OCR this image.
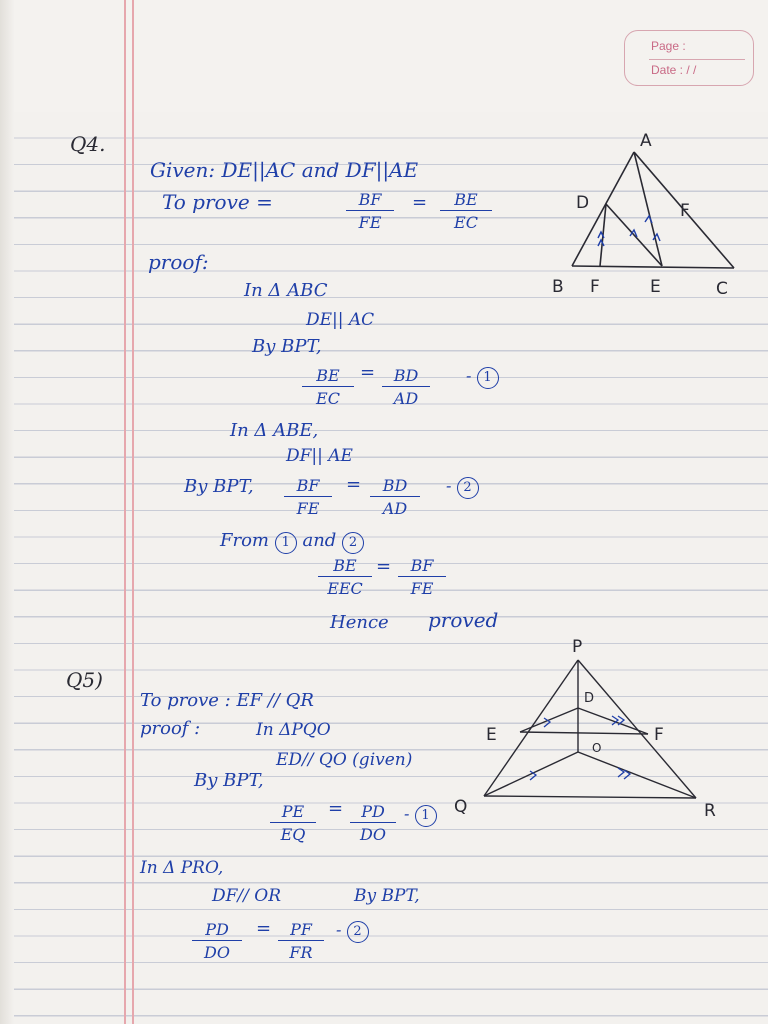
Page :
Date : / /
Q4.
Given: DE||AC and DF||AE
To prove =	$\frac{BF}{FE} = \frac{BE}{EC}$
proof:
In Δ ABC
DE|| AC
By BPT,
$\frac{BE}{EC} = \frac{BD}{AD} - 1$
In Δ ABE,
DF|| AE
By BPT, $\frac{BF}{FE} = \frac{BD}{AD} - 2$
From 1 and 2
BE
EEC
= $\frac{BF}{FE}$
Hence proved
Q5)
To prove : EF // QR
proof :	In ΔPQO
ED// QO (given)
By BPT,
$\frac{PE}{EQ} = \frac{PD}{DO} - 1$
In Δ PRO,
DF// OR	By BPT,
$\frac{PD}{DO} = \frac{PF}{FR} - 2$
A
D	F
B F	E	C
P
D
E	F
O
Q	R
